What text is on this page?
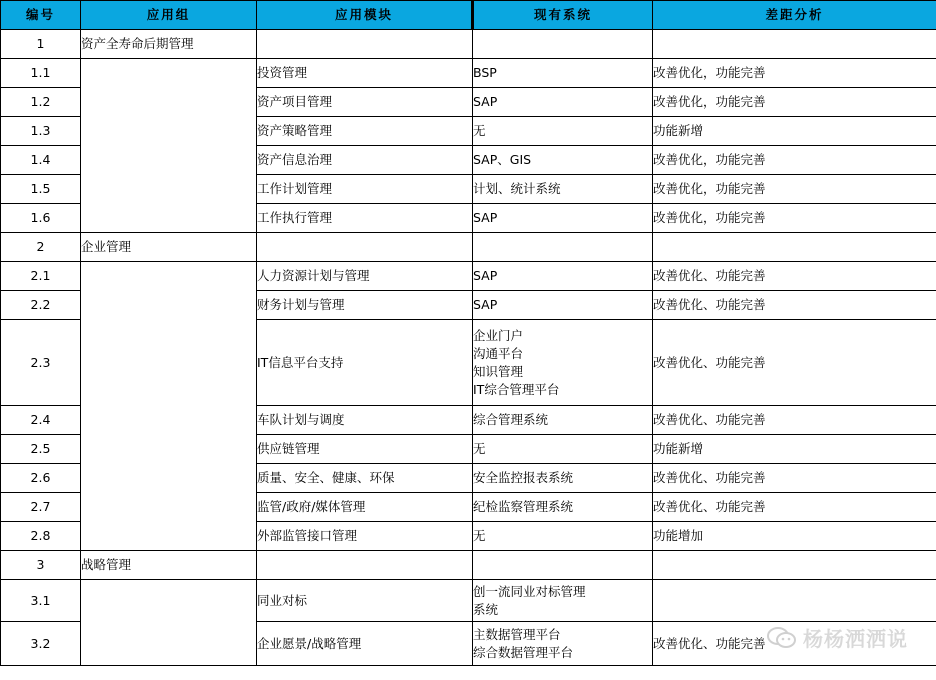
编号	应用组	应用模块	现有系统	差距分析
1	资产全寿命后期管理			
1.1		投资管理	BSP	改善优化，功能完善
1.2		资产项目管理	SAP	改善优化，功能完善
1.3		资产策略管理	无	功能新增
1.4		资产信息治理	SAP、GIS	改善优化，功能完善
1.5		工作计划管理	计划、统计系统	改善优化，功能完善
1.6		工作执行管理	SAP	改善优化，功能完善
2	企业管理			
2.1		人力资源计划与管理	SAP	改善优化、功能完善
2.2		财务计划与管理	SAP	改善优化、功能完善
2.3		IT信息平台支持	企业门户
沟通平台
知识管理
IT综合管理平台	改善优化、功能完善
2.4		车队计划与调度	综合管理系统	改善优化、功能完善
2.5		供应链管理	无	功能新增
2.6		质量、安全、健康、环保	安全监控报表系统	改善优化、功能完善
2.7		监管/政府/媒体管理	纪检监察管理系统	改善优化、功能完善
2.8		外部监管接口管理	无	功能增加
3	战略管理			
3.1		同业对标	创一流同业对标管理
系统	

3.2		企业愿景/战略管理	主数据管理平台
综合数据管理平台	改善优化、功能完善 杨杨洒洒说
